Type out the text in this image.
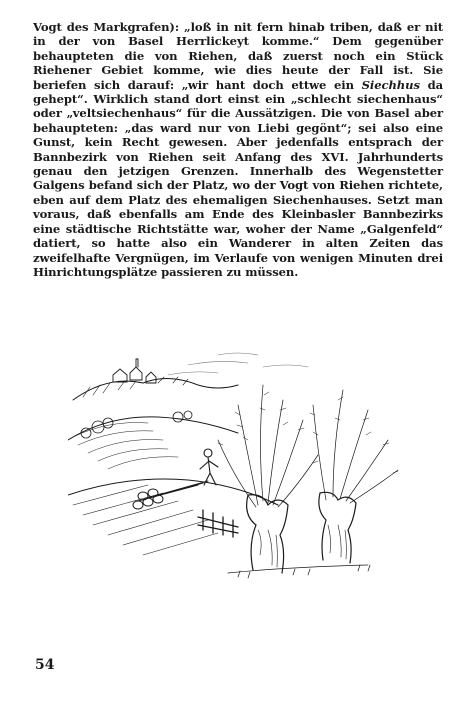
Vogt des Markgrafen): „loß in nit fern hinab triben, daß er nit in der von Basel Herrlickeyt komme.“ Dem gegenüber behaupteten die von Riehen, daß zuerst noch ein Stück Riehener Gebiet komme, wie dies heute der Fall ist. Sie beriefen sich darauf: „wir hant doch ettwe ein Siechhus da gehept“. Wirklich stand dort einst ein „schlecht siechenhaus“ oder „veltsiechenhaus“ für die Aussätzigen. Die von Basel aber behaupteten: „das ward nur von Liebi gegönt“; sei also eine Gunst, kein Recht gewesen. Aber jedenfalls entsprach der Bannbezirk von Riehen seit Anfang des XVI. Jahrhunderts genau den jetzigen Grenzen. Innerhalb des Wegenstetter Galgens befand sich der Platz, wo der Vogt von Riehen richtete, eben auf dem Platz des ehemaligen Siechenhauses. Setzt man voraus, daß ebenfalls am Ende des Kleinbasler Bannbezirks eine städtische Richtstätte war, woher der Name „Galgenfeld“ datiert, so hatte also ein Wanderer in alten Zeiten das zweifelhafte Vergnügen, im Verlaufe von wenigen Minuten drei Hinrichtungsplätze passieren zu müssen.

54
